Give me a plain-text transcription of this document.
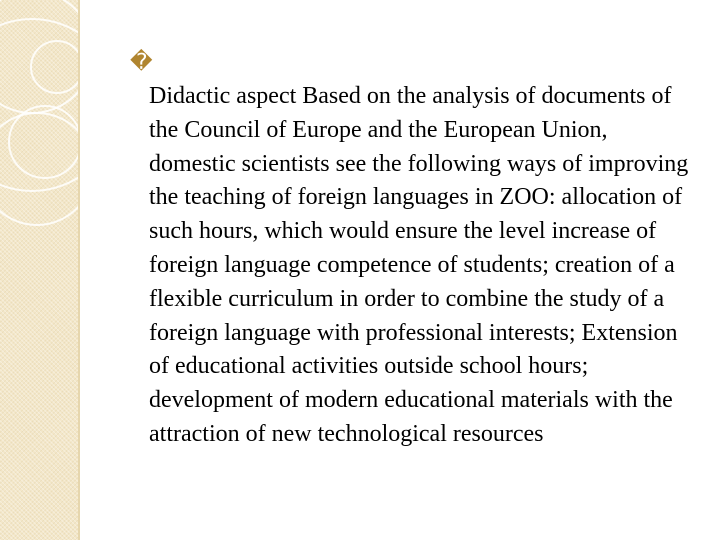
�

Didactic aspect Based on the analysis of documents of the Council of Europe and the European Union, domestic scientists see the following ways of improving the teaching of foreign languages in ZOO: allocation of such hours, which would ensure the level increase of foreign language competence of students; creation of a flexible curriculum in order to combine the study of a foreign language with professional interests; Extension of educational activities outside school hours; development of modern educational materials with the attraction of new technological resources
